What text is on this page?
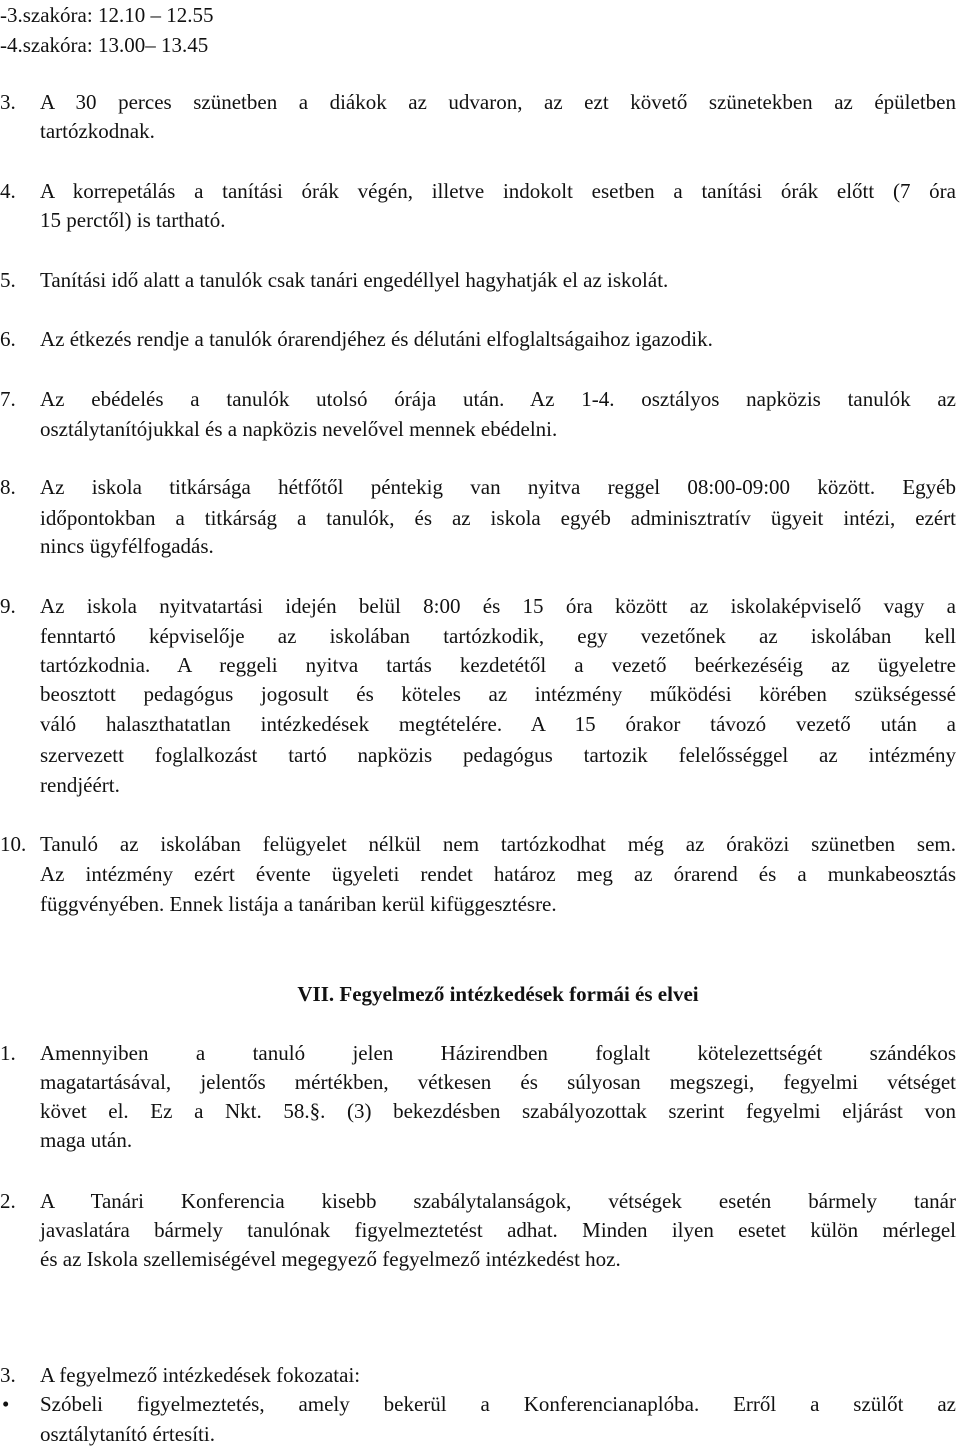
-3.szakóra: 12.10 – 12.55
-4.szakóra: 13.00– 13.45
3. A 30 perces szünetben a diákok az udvaron, az ezt követő szünetekben az épületben
tartózkodnak.
4. A korrepetálás a tanítási órák végén, illetve indokolt esetben a tanítási órák előtt (7 óra
15 perctől) is tartható.
5. Tanítási idő alatt a tanulók csak tanári engedéllyel hagyhatják el az iskolát.
6. Az étkezés rendje a tanulók órarendjéhez és délutáni elfoglaltságaihoz igazodik.
7. Az ebédelés a tanulók utolsó órája után. Az 1-4. osztályos napközis tanulók az
osztálytanítójukkal és a napközis nevelővel mennek ebédelni.
8. Az iskola titkársága hétfőtől péntekig van nyitva reggel 08:00-09:00 között. Egyéb
időpontokban a titkárság a tanulók, és az iskola egyéb adminisztratív ügyeit intézi, ezért
nincs ügyfélfogadás.
9. Az iskola nyitvatartási idején belül 8:00 és 15 óra között az iskolaképviselő vagy a
fenntartó képviselője az iskolában tartózkodik, egy vezetőnek az iskolában kell
tartózkodnia. A reggeli nyitva tartás kezdetétől a vezető beérkezéséig az ügyeletre
beosztott pedagógus jogosult és köteles az intézmény működési körében szükségessé
váló halaszthatatlan intézkedések megtételére. A 15 órakor távozó vezető után a
szervezett foglalkozást tartó napközis pedagógus tartozik felelősséggel az intézmény
rendjéért.
10. Tanuló az iskolában felügyelet nélkül nem tartózkodhat még az óraközi szünetben sem.
Az intézmény ezért évente ügyeleti rendet határoz meg az órarend és a munkabeosztás
függvényében. Ennek listája a tanáriban kerül kifüggesztésre.
VII. Fegyelmező intézkedések formái és elvei
1. Amennyiben a tanuló jelen Házirendben foglalt kötelezettségét szándékos
magatartásával, jelentős mértékben, vétkesen és súlyosan megszegi, fegyelmi vétséget
követ el. Ez a Nkt. 58.§. (3) bekezdésben szabályozottak szerint fegyelmi eljárást von
maga után.
2. A Tanári Konferencia kisebb szabálytalanságok, vétségek esetén bármely tanár
javaslatára bármely tanulónak figyelmeztetést adhat. Minden ilyen esetet külön mérlegel
és az Iskola szellemiségével megegyező fegyelmező intézkedést hoz.
3. A fegyelmező intézkedések fokozatai:
• Szóbeli figyelmeztetés, amely bekerül a Konferencianaplóba. Erről a szülőt az
osztálytanító értesíti.
